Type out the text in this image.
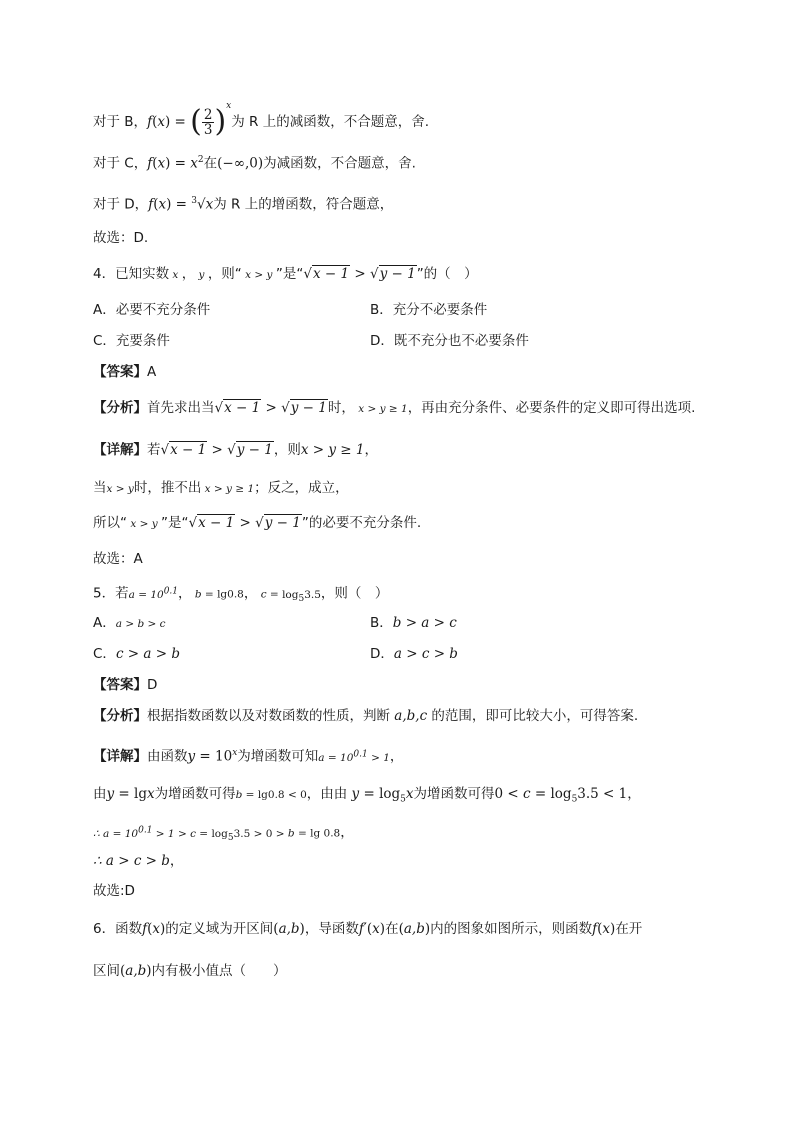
对于 B，f(x) = ( $\frac{2}{3} )^x$为 R 上的减函数，不合题意，舍.
对于 C，$f(x) = x^2$在(−∞,0)为减函数，不合题意，舍.
对于 D，f(x) = $^3$√x为 R 上的增函数，符合题意，
故选：D.
4．已知实数 x ， y ，则“ x > y ”是“√x − 1 > √y − 1”的（　）
A．必要不充分条件	B．充分不必要条件
C．充要条件	D．既不充分也不必要条件
【答案】A
【分析】首先求出当√x − 1 > √y − 1时， x > y ≥ 1，再由充分条件、必要条件的定义即可得出选项.
【详解】若√x − 1 > √y − 1，则x > y ≥ 1，
当x > y时，推不出 x > y ≥ 1；反之，成立，
所以“ x > y ”是“√x − 1 > √y − 1”的必要不充分条件.
故选：A
5．若$a = 10^{0.1}$， b = lg0.8， $c = \log_53.5$，则（　）
A．a > b > c	B．b > a > c
C．c > a > b	D．a > c > b
【答案】D
【分析】根据指数函数以及对数函数的性质，判断 a,b,c 的范围，即可比较大小，可得答案.
【详解】由函数$y = 10^x$为增函数可知$a = 10^{0.1} > 1$，
由y = lgx为增函数可得b = lg0.8 < 0，由由 $y = \log_5x$为增函数可得$0 < c = \log_53.5 < 1$，
∴ $a = 10^{0.1} > 1 > c = \log_53.5 > 0 > b = \lg 0.8$，
∴ a > c > b，
故选:D
6．函数f(x)的定义域为开区间(a,b)，导函数f′(x)在(a,b)内的图象如图所示，则函数f(x)在开
区间(a,b)内有极小值点（　　）
